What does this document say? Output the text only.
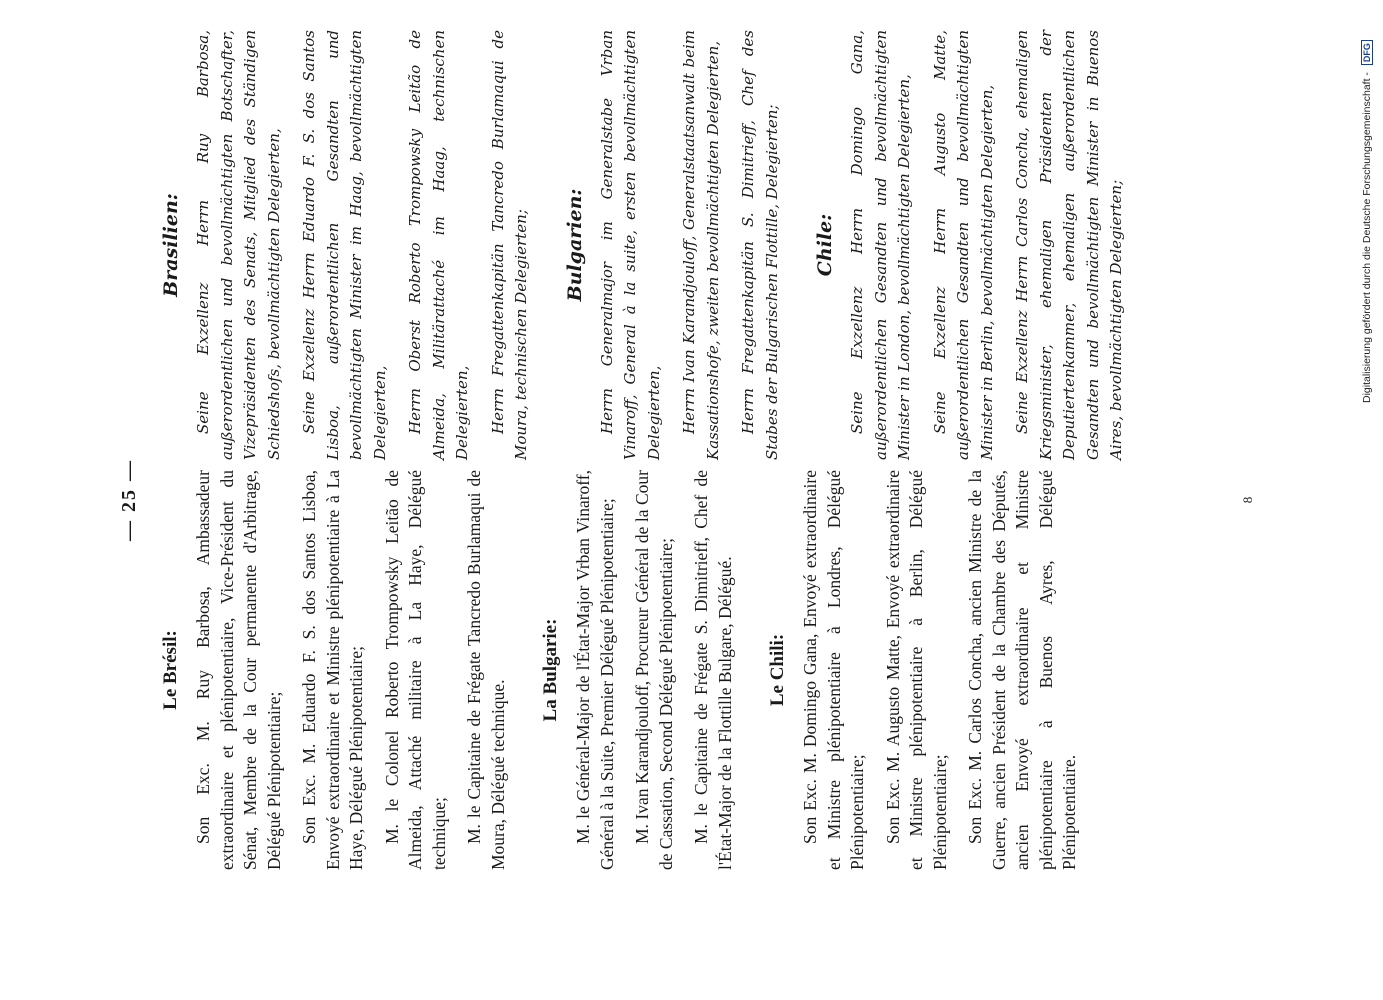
— 25 —
Le Brésil: Son Exc. M. Ruy Barbosa, Ambassadeur extraordinaire et plénipotentiaire, Vice-Président du Sénat, Membre de la Cour permanente d'Arbitrage, Délégué Plénipotentiaire; Son Exc. M. Eduardo F. S. dos Santos Lisboa, Envoyé extraordinaire et Ministre plénipotentiaire à La Haye, Délégué Plénipotentiaire; M. le Colonel Roberto Trompowsky Leitão de Almeida, Attaché militaire à La Haye, Délégué technique; M. le Capitaine de Frégate Tancredo Burlamaqui de Moura, Délégué technique.

La Bulgarie: M. le Général-Major de l'État-Major Vrban Vinaroff, Général à la Suite, Premier Délégué Plénipotentiaire; M. Ivan Karandjouloff, Procureur Général de la Cour de Cassation, Second Délégué Plénipotentiaire; M. le Capitaine de Frégate S. Dimitrieff, Chef de l'État-Major de la Flottille Bulgare, Délégué. Le Chili: Son Exc. M. Domingo Gana, Envoyé extraordinaire et Ministre plénipotentiaire à Londres, Délégué Plénipotentiaire; Son Exc. M. Augusto Matte, Envoyé extraordinaire et Ministre plénipotentiaire à Berlin, Délégué Plénipotentiaire; Son Exc. M. Carlos Concha, ancien Ministre de la Guerre, ancien Président de la Chambre des Députés, ancien Envoyé extraordinaire et Ministre plénipotentiaire à Buenos Ayres, Délégué Plénipotentiaire.

Brasilien: Seine Exzellenz Herrn Ruy Barbosa, außerordentlichen und bevollmächtigten Botschafter, Vizepräsidenten des Senats, Mitglied des Ständigen Schiedshofs, bevollmächtigten Delegierten, Seine Exzellenz Herrn Eduardo F. S. dos Santos Lisboa, außerordentlichen Gesandten und bevollmächtigten Minister im Haag, bevollmächtigten Delegierten, Herrn Oberst Roberto Trompowsky Leitão de Almeida, Militärattaché im Haag, technischen Delegierten, Herrn Fregattenkapitän Tancredo Burlamaqui de Moura, technischen Delegierten; Bulgarien: Herrn Generalmajor im Generalstabe Vrban Vinaroff, General à la suite, ersten bevollmächtigten Delegierten, Herrn Ivan Karandjouloff, Generalstaatsanwalt beim Kassationshofe, zweiten bevollmächtigten Delegierten, Herrn Fregattenkapitän S. Dimitrieff, Chef des Stabes der Bulgarischen Flottille, Delegierten; Chile: Seine Exzellenz Herrn Domingo Gana, außerordentlichen Gesandten und bevollmächtigten Minister in London, bevollmächtigten Delegierten, Seine Exzellenz Herrn Augusto Matte, außerordentlichen Gesandten und bevollmächtigten Minister in Berlin, bevollmächtigten Delegierten, Seine Exzellenz Herrn Carlos Concha, ehemaligen Kriegsminister, ehemaligen Präsidenten der Deputiertenkammer, ehemaligen außerordentlichen Gesandten und bevollmächtigten Minister in Buenos Aires, bevollmächtigten Delegierten;

8
Digitalisierung gefördert durch die Deutsche Forschungsgemeinschaft - DFG
